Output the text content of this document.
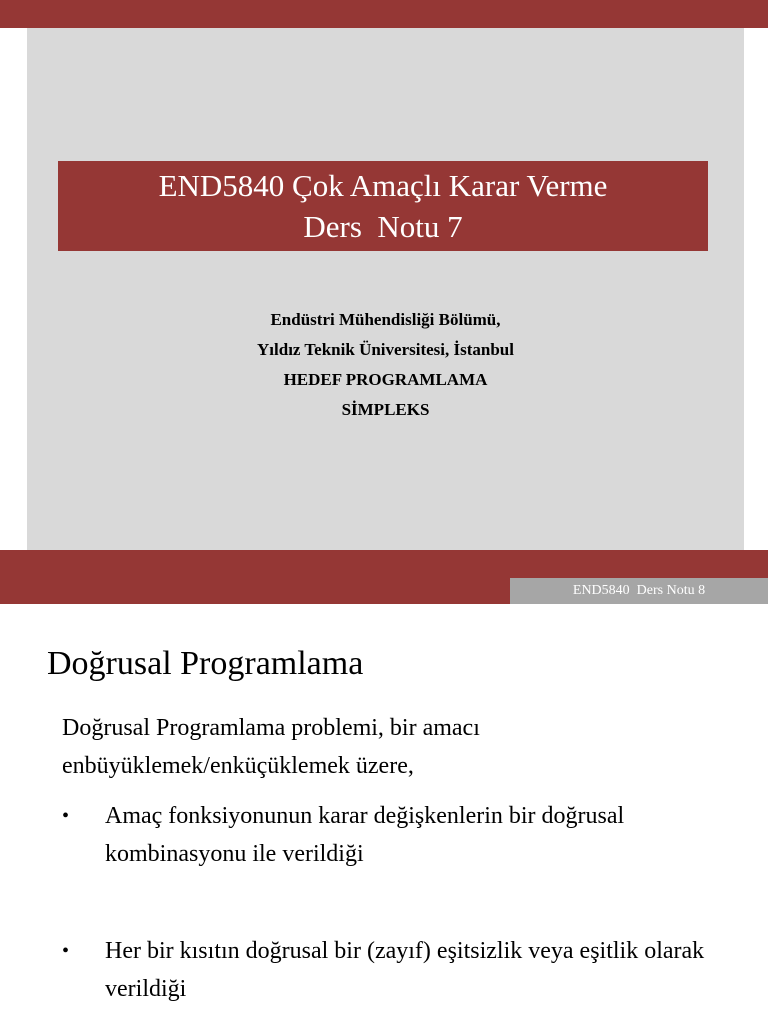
END5840 Çok Amaçlı Karar Verme
Ders  Notu 7
Endüstri Mühendisliği Bölümü,
Yıldız Teknik Üniversitesi, İstanbul
HEDEF PROGRAMLAMA
SİMPLEKS
END5840  Ders Notu 8
Doğrusal Programlama
Doğrusal Programlama problemi, bir amacı enbüyüklemek/enküçüklemek üzere,
• Amaç fonksiyonunun karar değişkenlerin bir doğrusal kombinasyonu ile verildiği
• Her bir kısıtın doğrusal bir (zayıf) eşitsizlik veya eşitlik olarak verildiği
